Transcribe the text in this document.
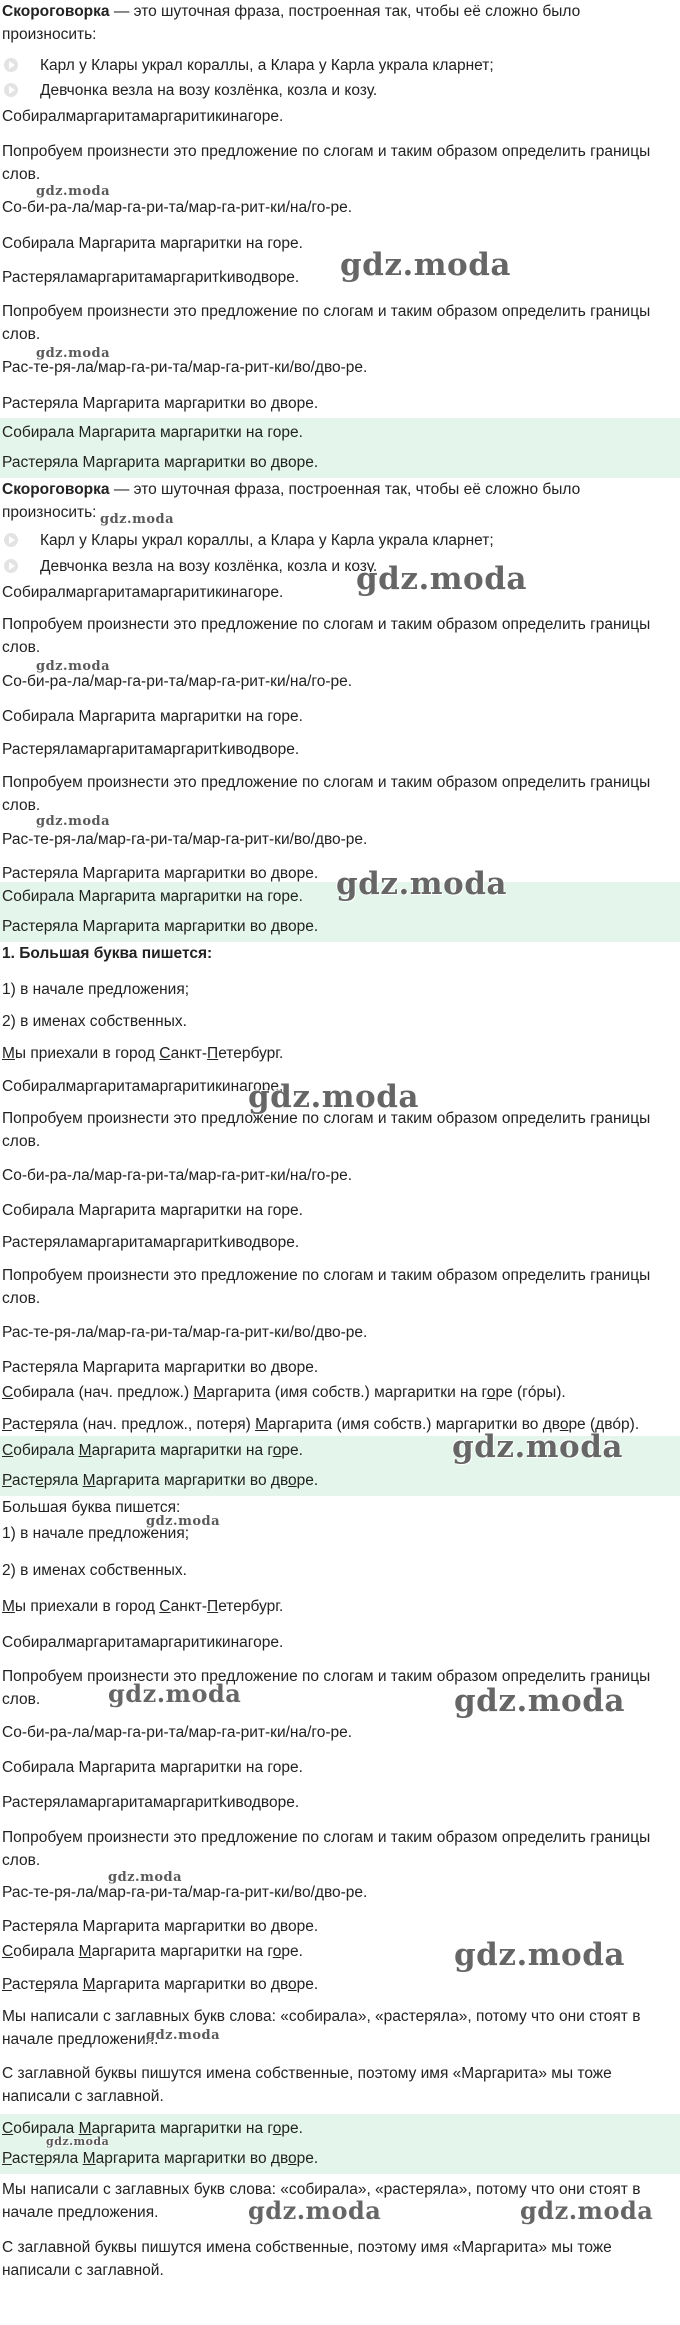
Скороговорка — это шуточная фраза, построенная так, чтобы её сложно было произносить:
Карл у Клары украл кораллы, а Клара у Карла украла кларнет;
Девчонка везла на возу козлёнка, козла и козу.
Собиралмаргаритамаргаритикинагоре.
Попробуем произнести это предложение по слогам и таким образом определить границы слов.
Со-би-ра-ла/мар-га-ри-та/мар-га-рит-ки/на/го-ре.
Собирала Маргарита маргаритки на горе.
Растерялaмаргаритамаргаритkиводворе.
Попробуем произнести это предложение по слогам и таким образом определить границы слов.
Рас-те-ря-ла/мар-га-ри-та/мар-га-рит-ки/во/дво-ре.
Растеряла Маргарита маргаритки во дворе.
Собирала Маргарита маргаритки на горе.
Растеряла Маргарита маргаритки во дворе.
Скороговорка — это шуточная фраза, построенная так, чтобы её сложно было произносить:
Карл у Клары украл кораллы, а Клара у Карла украла кларнет;
Девчонка везла на возу козлёнка, козла и козу.
Собиралмаргаритамаргаритикинагоре.
Попробуем произнести это предложение по слогам и таким образом определить границы слов.
Со-би-ра-ла/мар-га-ри-та/мар-га-рит-ки/на/го-ре.
Собирала Маргарита маргаритки на горе.
Растерялaмаргаритамаргаритkиводворе.
Попробуем произнести это предложение по слогам и таким образом определить границы слов.
Рас-те-ря-ла/мар-га-ри-та/мар-га-рит-ки/во/дво-ре.
Растеряла Маргарита маргаритки во дворе.
Собирала Маргарита маргаритки на горе.
Растеряла Маргарита маргаритки во дворе.
1. Большая буква пишется:
1) в начале предложения;
2) в именах собственных.
Мы приехали в город Санкт-Петербург.
Собиралмаргаритамаргаритикинагоре.
Попробуем произнести это предложение по слогам и таким образом определить границы слов.
Со-би-ра-ла/мар-га-ри-та/мар-га-рит-ки/на/го-ре.
Собирала Маргарита маргаритки на горе.
Растерялaмаргаритамаргаритkиводворе.
Попробуем произнести это предложение по слогам и таким образом определить границы слов.
Рас-те-ря-ла/мар-га-ри-та/мар-га-рит-ки/во/дво-ре.
Растеряла Маргарита маргаритки во дворе.
Собирала (нач. предлож.) Маргарита (имя собств.) маргаритки на горе (гóры).
Растеряла (нач. предлож., потеря) Маргарита (имя собств.) маргаритки во дворе (двóр).
Собирала Маргарита маргаритки на горе.
Растеряла Маргарита маргаритки во дворе.
Большая буква пишется:
1) в начале предложения;
2) в именах собственных.
Мы приехали в город Санкт-Петербург.
Собиралмаргаритамаргаритикинагоре.
Попробуем произнести это предложение по слогам и таким образом определить границы слов.
Со-би-ра-ла/мар-га-ри-та/мар-га-рит-ки/на/го-ре.
Собирала Маргарита маргаритки на горе.
Растерялaмаргаритамаргаритkиводворе.
Попробуем произнести это предложение по слогам и таким образом определить границы слов.
Рас-те-ря-ла/мар-га-ри-та/мар-га-рит-ки/во/дво-ре.
Растеряла Маргарита маргаритки во дворе.
Собирала Маргарита маргаритки на горе.
Растеряла Маргарита маргаритки во дворе.
Мы написали с заглавных букв слова: «собирала», «растеряла», потому что они стоят в начале предложения.
С заглавной буквы пишутся имена собственные, поэтому имя «Маргарита» мы тоже написали с заглавной.
Собирала Маргарита маргаритки на горе.
Растеряла Маргарита маргаритки во дворе.
Мы написали с заглавных букв слова: «собирала», «растеряла», потому что они стоят в начале предложения.
С заглавной буквы пишутся имена собственные, поэтому имя «Маргарита» мы тоже написали с заглавной.
gdz.moda
gdz.moda
gdz.moda
gdz.moda
gdz.moda
gdz.moda
gdz.moda
gdz.moda
gdz.moda
gdz.moda
gdz.moda
gdz.moda	gdz.moda
gdz.moda
gdz.moda
gdz.moda
gdz.moda
gdz.moda	gdz.moda
